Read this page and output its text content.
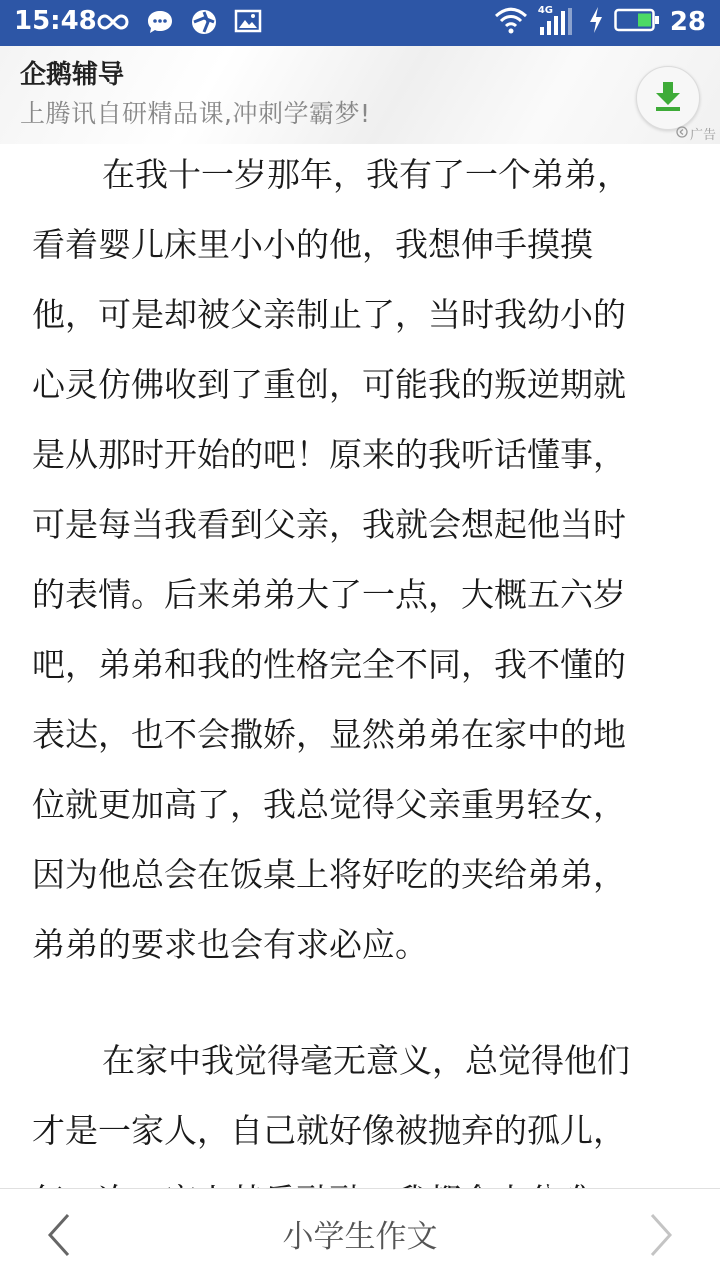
15:48	4G	28
企鹅辅导
上腾讯自研精品课,冲刺学霸梦!
广告
在我十一岁那年，我有了一个弟弟，
看着婴儿床里小小的他，我想伸手摸摸
他，可是却被父亲制止了，当时我幼小的
心灵仿佛收到了重创，可能我的叛逆期就
是从那时开始的吧！原来的我听话懂事，
可是每当我看到父亲，我就会想起他当时
的表情。后来弟弟大了一点，大概五六岁
吧，弟弟和我的性格完全不同，我不懂的
表达，也不会撒娇，显然弟弟在家中的地
位就更加高了，我总觉得父亲重男轻女，
因为他总会在饭桌上将好吃的夹给弟弟，
弟弟的要求也会有求必应。
在家中我觉得毫无意义，总觉得他们
才是一家人，自己就好像被抛弃的孤儿，
小学生作文
